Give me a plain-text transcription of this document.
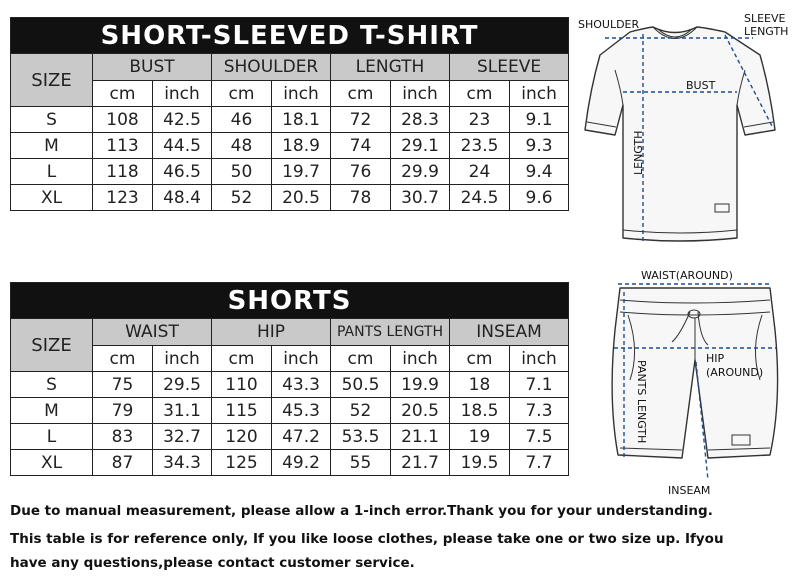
SHORT-SLEEVED T-SHIRT								
SIZE	BUST		SHOULDER		LENGTH		SLEEVE	
	cm	inch	cm	inch	cm	inch	cm	inch
S	108	42.5	46	18.1	72	28.3	23	9.1
M	113	44.5	48	18.9	74	29.1	23.5	9.3
L	118	46.5	50	19.7	76	29.9	24	9.4
XL	123	48.4	52	20.5	78	30.7	24.5	9.6
SHORTS								
SIZE	WAIST		HIP		PANTS LENGTH		INSEAM	
	cm	inch	cm	inch	cm	inch	cm	inch
S	75	29.5	110	43.3	50.5	19.9	18	7.1
M	79	31.1	115	45.3	52	20.5	18.5	7.3
L	83	32.7	120	47.2	53.5	21.1	19	7.5
XL	87	34.3	125	49.2	55	21.7	19.5	7.7
SHOULDER	SLEEVE
LENGTH
BUST
LENGTH
WAIST(AROUND)
HIP
(AROUND)
PANTS LENGTH
INSEAM
Due to manual measurement, please allow a 1-inch error.Thank you for your understanding.
This table is for reference only, If you like loose clothes, please take one or two size up. Ifyou
have any questions,please contact customer service.
